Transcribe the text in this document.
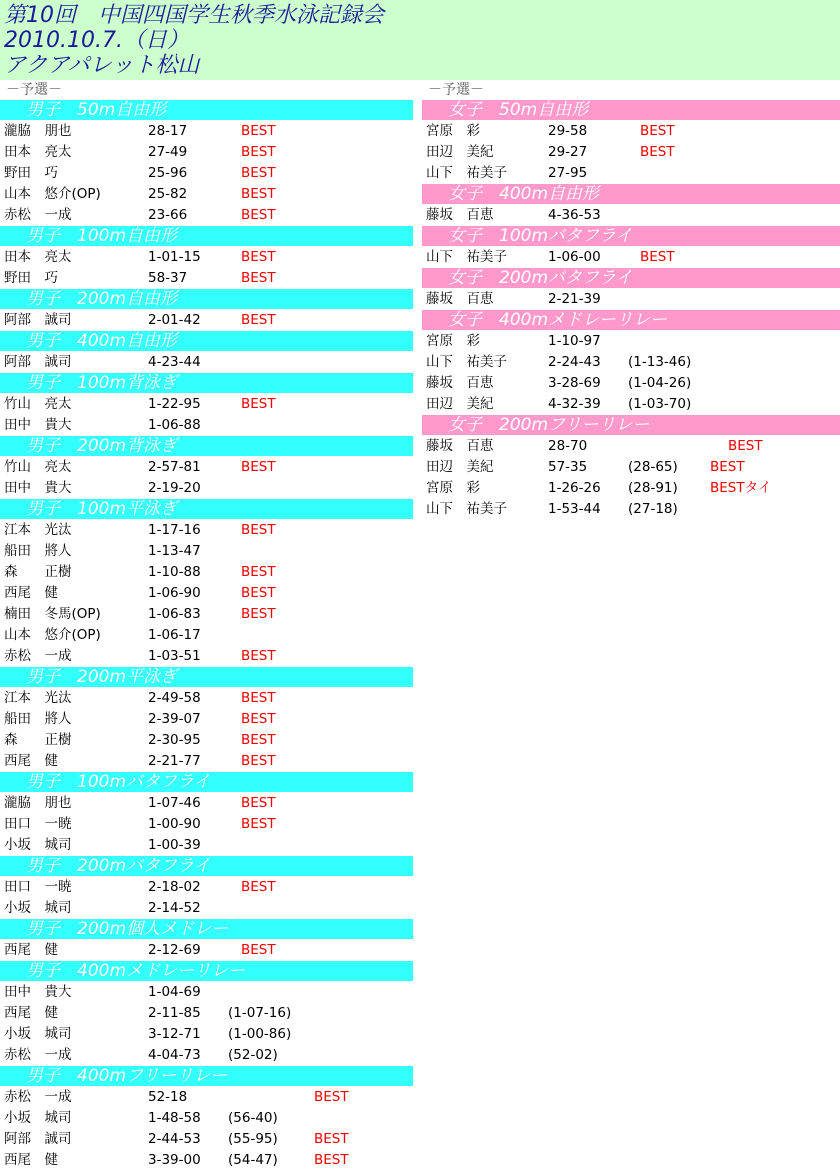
第10回　中国四国学生秋季水泳記録会
2010.10.7.（日）
アクアパレット松山
－予選－
男子　50m自由形
瀧脇　朋也	28-17	BEST
田本　亮太	27-49	BEST
野田　巧	25-96	BEST
山本　悠介(OP)	25-82	BEST
赤松　一成	23-66	BEST
男子　100m自由形
田本　亮太	1-01-15	BEST
野田　巧	58-37	BEST
男子　200m自由形
阿部　誠司	2-01-42	BEST
男子　400m自由形
阿部　誠司	4-23-44
男子　100m背泳ぎ
竹山　亮太	1-22-95	BEST
田中　貴大	1-06-88
男子　200m背泳ぎ
竹山　亮太	2-57-81	BEST
田中　貴大	2-19-20
男子　100m平泳ぎ
江本　光汰	1-17-16	BEST
船田　將人	1-13-47
森　　正樹	1-10-88	BEST
西尾　健	1-06-90	BEST
楠田　冬馬(OP)	1-06-83	BEST
山本　悠介(OP)	1-06-17
赤松　一成	1-03-51	BEST
男子　200m平泳ぎ
江本　光汰	2-49-58	BEST
船田　將人	2-39-07	BEST
森　　正樹	2-30-95	BEST
西尾　健	2-21-77	BEST
男子　100mバタフライ
瀧脇　朋也	1-07-46	BEST
田口　一暁	1-00-90	BEST
小坂　城司	1-00-39
男子　200mバタフライ
田口　一暁	2-18-02	BEST
小坂　城司	2-14-52
男子　200m個人メドレー
西尾　健	2-12-69	BEST
男子　400mメドレーリレー
田中　貴大	1-04-69
西尾　健	2-11-85 (1-07-16)
小坂　城司	3-12-71 (1-00-86)
赤松　一成	4-04-73 (52-02)
男子　400mフリーリレー
赤松　一成	52-18	BEST
小坂　城司	1-48-58 (56-40)
阿部　誠司	2-44-53 (55-95)	BEST
西尾　健	3-39-00 (54-47)	BEST
－予選－
女子　50m自由形
宮原　彩	29-58	BEST
田辺　美紀	29-27	BEST
山下　祐美子	27-95
女子　400m自由形
藤坂　百恵	4-36-53
女子　100mバタフライ
山下　祐美子	1-06-00	BEST
女子　200mバタフライ
藤坂　百恵	2-21-39
女子　400mメドレーリレー
宮原　彩	1-10-97
山下　祐美子	2-24-43 (1-13-46)
藤坂　百恵	3-28-69 (1-04-26)
田辺　美紀	4-32-39 (1-03-70)
女子　200mフリーリレー
藤坂　百恵	28-70	BEST
田辺　美紀	57-35	(28-65) BEST
宮原　彩	1-26-26 (28-91) BESTタイ
山下　祐美子	1-53-44 (27-18)
